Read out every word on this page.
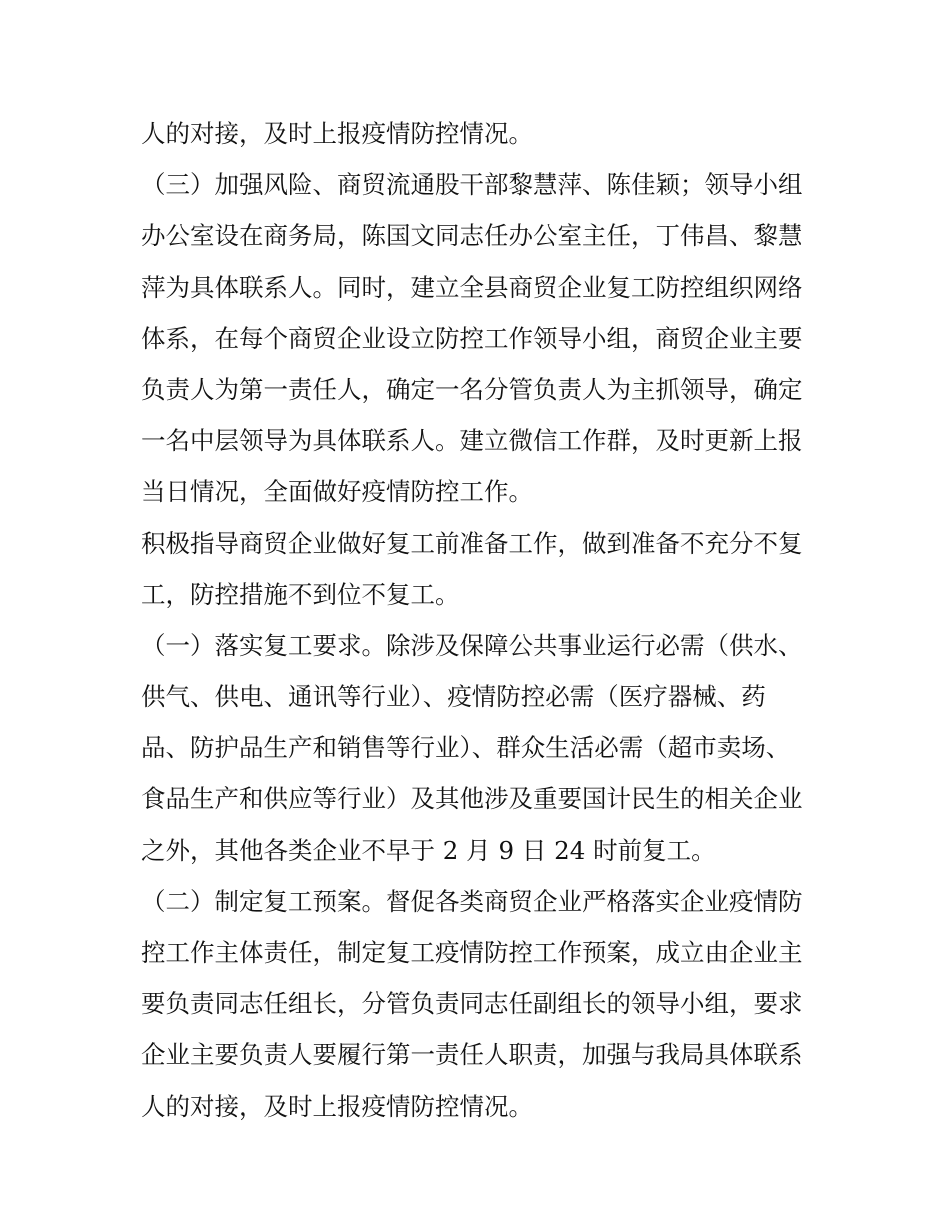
人的对接，及时上报疫情防控情况。
（三）加强风险、商贸流通股干部黎慧萍、陈佳颖；领导小组
办公室设在商务局，陈国文同志任办公室主任，丁伟昌、黎慧
萍为具体联系人。同时，建立全县商贸企业复工防控组织网络
体系，在每个商贸企业设立防控工作领导小组，商贸企业主要
负责人为第一责任人，确定一名分管负责人为主抓领导，确定
一名中层领导为具体联系人。建立微信工作群，及时更新上报
当日情况，全面做好疫情防控工作。
积极指导商贸企业做好复工前准备工作，做到准备不充分不复
工，防控措施不到位不复工。
（一）落实复工要求。除涉及保障公共事业运行必需（供水、
供气、供电、通讯等行业）、疫情防控必需（医疗器械、药
品、防护品生产和销售等行业）、群众生活必需（超市卖场、
食品生产和供应等行业）及其他涉及重要国计民生的相关企业
之外，其他各类企业不早于 2 月 9 日 24 时前复工。
（二）制定复工预案。督促各类商贸企业严格落实企业疫情防
控工作主体责任，制定复工疫情防控工作预案，成立由企业主
要负责同志任组长，分管负责同志任副组长的领导小组，要求
企业主要负责人要履行第一责任人职责，加强与我局具体联系
人的对接，及时上报疫情防控情况。
